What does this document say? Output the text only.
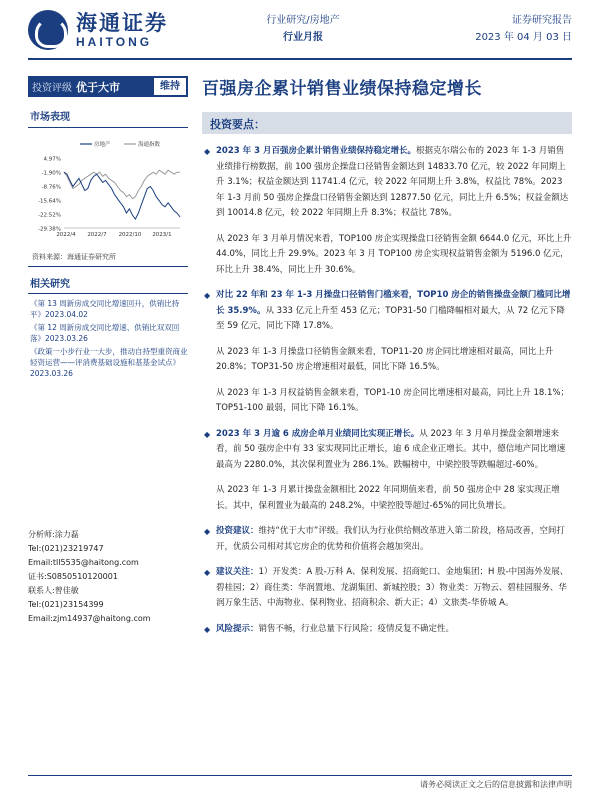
海通证券
HAITONG
行业研究/房地产
行业月报
证券研究报告
2023 年 04 月 03 日
投资评级 优于大市	维持	百强房企累计销售业绩保持稳定增长
市场表现
4.97%
-1.90%
-8.76%
-15.64%
-22.52%
-29.38%
2022/4 2022/7 2022/10 2023/1
房地产	海通指数
资料来源：海通证券研究所
相关研究
《第 13 周新房成交同比增速回升，供销比持平》2023.04.02
《第 12 周新房成交同比增速、供销比双双回落》2023.03.26
《政策一小步行业一大步，推动自持型重资商业轻资运营——评消费基础设施和基基金试点》2023.03.26
分析师:涂力磊
Tel:(021)23219747
Email:tll5535@haitong.com
证书:S0850510120001
联系人:曾佳敏
Tel:(021)23154399
Email:zjm14937@haitong.com
投资要点：
◆ 2023 年 3 月百强房企累计销售业绩保持稳定增长。根据克尔瑞公布的 2023 年 1-3 月销售业绩排行榜数据，前 100 强房企操盘口径销售金额达到 14833.70 亿元，较 2022 年同期上升 3.1%；权益金额达到 11741.4 亿元，较 2022 年同期上升 3.8%，权益比 78%。2023 年 1-3 月前 50 强房企操盘口径销售金额达到 12877.50 亿元，同比上升 6.5%；权益金额达到 10014.8 亿元，较 2022 年同期上升 8.3%；权益比 78%。
从 2023 年 3 月单月情况来看，TOP100 房企实现操盘口径销售金额 6644.0 亿元，环比上升 44.0%，同比上升 29.9%。2023 年 3 月 TOP100 房企实现权益销售金额为 5196.0 亿元，环比上升 38.4%，同比上升 30.6%。
◆ 对比 22 年和 23 年 1-3 月操盘口径销售门槛来看，TOP10 房企的销售操盘金额门槛同比增长 35.9%。从 333 亿元上升至 453 亿元；TOP31-50 门槛降幅相对最大，从 72 亿元下降至 59 亿元，同比下降 17.8%。
从 2023 年 1-3 月操盘口径销售金额来看，TOP11-20 房企同比增速相对最高，同比上升 20.8%；TOP31-50 房企增速相对最低，同比下降 16.5%。
从 2023 年 1-3 月权益销售金额来看，TOP1-10 房企同比增速相对最高，同比上升 18.1%；TOP51-100 最弱，同比下降 16.1%。
◆ 2023 年 3 月逾 6 成房企单月业绩同比实现正增长。从 2023 年 3 月单月操盘金额增速来看，前 50 强房企中有 33 家实现同比正增长，逾 6 成企业正增长。其中，德信地产同比增速最高为 2280.0%，其次保利置业为 286.1%。跌幅榜中，中梁控股等跌幅超过-60%。
从 2023 年 1-3 月累计操盘金额相比 2022 年同期值来看，前 50 强房企中 28 家实现正增长。其中，保利置业为最高的 248.2%，中梁控股等超过-65%的同比负增长。
◆ 投资建议：维持“优于大市”评级。我们认为行业供给侧改革进入第二阶段，格局改善，空间打开，优质公司相对其它房企的优势和价值将会越加突出。
◆ 建议关注：1）开发类：A 股-万科 A、保利发展、招商蛇口、金地集团；H 股-中国海外发展、碧桂园；2）商住类：华润置地、龙湖集团、新城控股；3）物业类：万物云、碧桂园服务、华润万象生活、中海物业、保利物业、招商积余、新大正；4）文旅类-华侨城 A。
◆ 风险提示：销售不畅，行业总量下行风险；疫情反复不确定性。
请务必阅读正文之后的信息披露和法律声明
